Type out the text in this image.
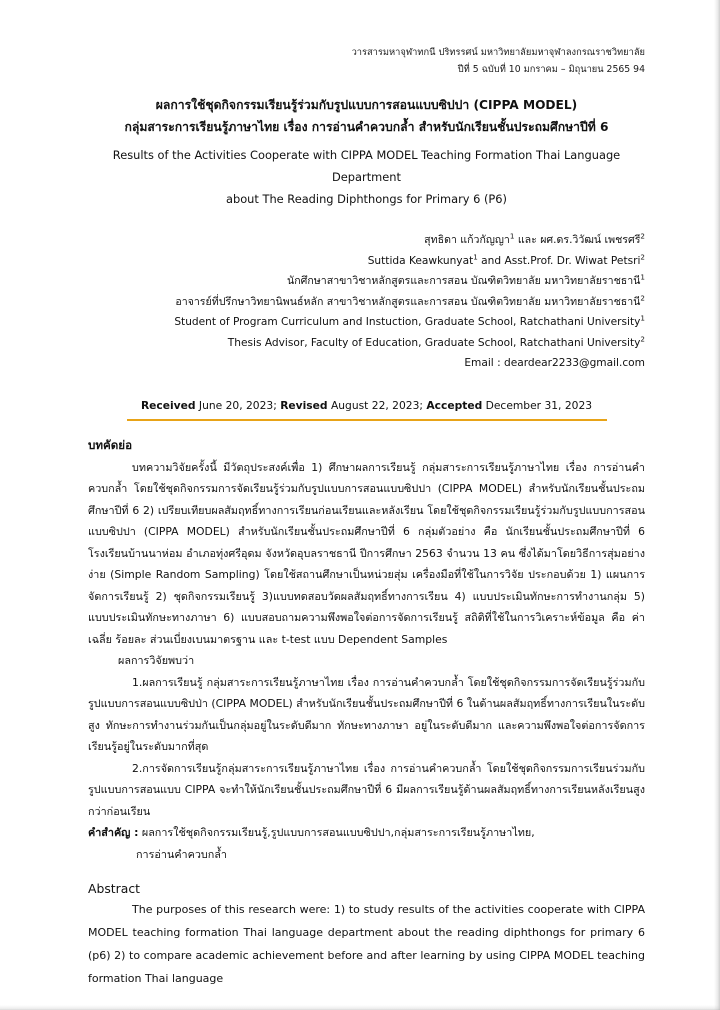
วารสารมหาจุฬาทกนี ปริทรรศน์ มหาวิทยาลัยมหาจุฬาลงกรณราชวิทยาลัย
ปีที่ 5 ฉบับที่ 10 มกราคม – มิถุนายน 2565 94
ผลการใช้ชุดกิจกรรมเรียนรู้ร่วมกับรูปแบบการสอนแบบซิปปา (CIPPA MODEL)
กลุ่มสาระการเรียนรู้ภาษาไทย เรื่อง การอ่านคำควบกล้ำ สำหรับนักเรียนชั้นประถมศึกษาปีที่ 6
Results of the Activities Cooperate with CIPPA MODEL Teaching Formation Thai Language Department
about The Reading Diphthongs for Primary 6 (P6)
สุทธิดา แก้วกัญญา$^1$ และ ผศ.ดร.วิวัฒน์ เพชรศรี$^2$
Suttida Keawkunyat$^1$ and Asst.Prof. Dr. Wiwat Petsri$^2$
นักศึกษาสาขาวิชาหลักสูตรและการสอน บัณฑิตวิทยาลัย มหาวิทยาลัยราชธานี$^1$
อาจารย์ที่ปรึกษาวิทยานิพนธ์หลัก สาขาวิชาหลักสูตรและการสอน บัณฑิตวิทยาลัย มหาวิทยาลัยราชธานี$^2$
Student of Program Curriculum and Instuction, Graduate School, Ratchathani University$^1$
Thesis Advisor, Faculty of Education, Graduate School, Ratchathani University$^2$
Email : deardear2233@gmail.com
Received June 20, 2023; Revised August 22, 2023; Accepted December 31, 2023
บทคัดย่อ

บทความวิจัยครั้งนี้ มีวัตถุประสงค์เพื่อ 1) ศึกษาผลการเรียนรู้ กลุ่มสาระการเรียนรู้ภาษาไทย เรื่อง การอ่านคำควบกล้ำ โดยใช้ชุดกิจกรรมการจัดเรียนรู้ร่วมกับรูปแบบการสอนแบบซิปปา (CIPPA MODEL) สำหรับนักเรียนชั้นประถมศึกษาปีที่ 6 2) เปรียบเทียบผลสัมฤทธิ์ทางการเรียนก่อนเรียนและหลังเรียน โดยใช้ชุดกิจกรรมเรียนรู้ร่วมกับรูปแบบการสอนแบบซิปปา (CIPPA MODEL) สำหรับนักเรียนชั้นประถมศึกษาปีที่ 6 กลุ่มตัวอย่าง คือ นักเรียนชั้นประถมศึกษาปีที่ 6 โรงเรียนบ้านนาห่อม อำเภอทุ่งศรีอุดม จังหวัดอุบลราชธานี ปีการศึกษา 2563 จำนวน 13 คน ซึ่งได้มาโดยวิธีการสุ่มอย่างง่าย (Simple Random Sampling) โดยใช้สถานศึกษาเป็นหน่วยสุ่ม เครื่องมือที่ใช้ในการวิจัย ประกอบด้วย 1) แผนการจัดการเรียนรู้ 2) ชุดกิจกรรมเรียนรู้ 3)แบบทดสอบวัดผลสัมฤทธิ์ทางการเรียน 4) แบบประเมินทักษะการทำงานกลุ่ม 5) แบบประเมินทักษะทางภาษา 6) แบบสอบถามความพึงพอใจต่อการจัดการเรียนรู้ สถิติที่ใช้ในการวิเคราะห์ข้อมูล คือ ค่าเฉลี่ย ร้อยละ ส่วนเบี่ยงเบนมาตรฐาน และ t-test แบบ Dependent Samples

ผลการวิจัยพบว่า

1.ผลการเรียนรู้ กลุ่มสาระการเรียนรู้ภาษาไทย เรื่อง การอ่านคำควบกล้ำ โดยใช้ชุดกิจกรรมการจัดเรียนรู้ร่วมกับรูปแบบการสอนแบบซิปป่า (CIPPA MODEL) สำหรับนักเรียนชั้นประถมศึกษาปีที่ 6 ในด้านผลสัมฤทธิ์ทางการเรียนในระดับสูง ทักษะการทำงานร่วมกันเป็นกลุ่มอยู่ในระดับดีมาก ทักษะทางภาษา อยู่ในระดับดีมาก และความพึงพอใจต่อการจัดการเรียนรู้อยู่ในระดับมากที่สุด

2.การจัดการเรียนรู้กลุ่มสาระการเรียนรู้ภาษาไทย เรื่อง การอ่านคำควบกล้ำ โดยใช้ชุดกิจกรรมการเรียนร่วมกับรูปแบบการสอนแบบ CIPPA จะทำให้นักเรียนชั้นประถมศึกษาปีที่ 6 มีผลการเรียนรู้ด้านผลสัมฤทธิ์ทางการเรียนหลังเรียนสูงกว่าก่อนเรียน

คำสำคัญ : ผลการใช้ชุดกิจกรรมเรียนรู้,รูปแบบการสอนแบบซิปปา,กลุ่มสาระการเรียนรู้ภาษาไทย,

การอ่านคำควบกล้ำ

Abstract

The purposes of this research were: 1) to study results of the activities cooperate with CIPPA MODEL teaching formation Thai language department about the reading diphthongs for primary 6 (p6) 2) to compare academic achievement before and after learning by using CIPPA MODEL teaching formation Thai language
